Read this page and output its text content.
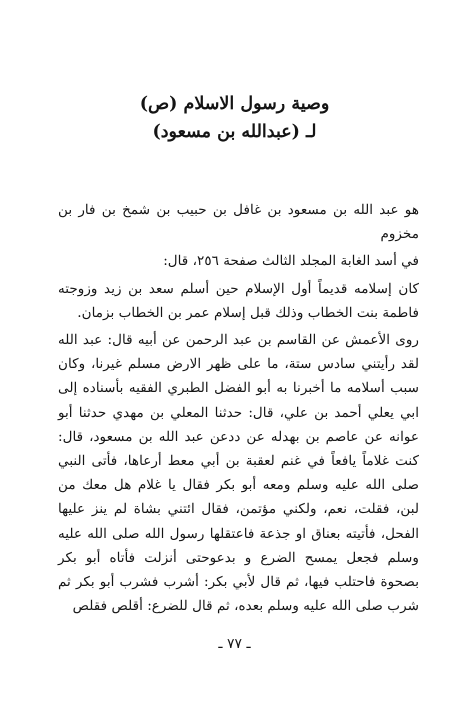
وصية رسول الاسلام (ص)
لـ (عبدالله بن مسعود)

هو عبد الله بن مسعود بن غافل بن حبيب بن شمخ بن فار بن مخزوم

في أسد الغابة المجلد الثالث صفحة ٢٥٦، قال:

كان إسلامه قديماً أول الإسلام حين أسلم سعد بن زيد وزوجته فاطمة بنت الخطاب وذلك قبل إسلام عمر بن الخطاب بزمان.

روى الأعمش عن القاسم بن عبد الرحمن عن أبيه قال: عبد الله لقد رأيتني سادس ستة، ما على ظهر الارض مسلم غيرنا، وكان سبب أسلامه ما أخبرنا به أبو الفضل الطبري الفقيه بأسناده إلى ابي يعلي أحمد بن علي، قال: حدثنا المعلي بن مهدي حدثنا أبو عوانه عن عاصم بن بهدله عن ددعن عبد الله بن مسعود، قال: كنت غلاماً يافعاً في غنم لعقبة بن أبي معط أرعاها، فأتى النبي صلى الله عليه وسلم ومعه أبو بكر فقال يا غلام هل معك من لبن، فقلت، نعم، ولكني مؤتمن، فقال ائتني بشاة لم ينز عليها الفحل، فأتيته بعناق او جذعة فاعتقلها رسول الله صلى الله عليه وسلم فجعل يمسح الضرع و بدعوحتى أنزلت فأتاه أبو بكر بصحوة فاحتلب فيها، ثم قال لأبي بكر: أشرب فشرب أبو بكر ثم شرب صلى الله عليه وسلم بعده، ثم قال للضرع: أقلص فقلص

ـ ٧٧ ـ
